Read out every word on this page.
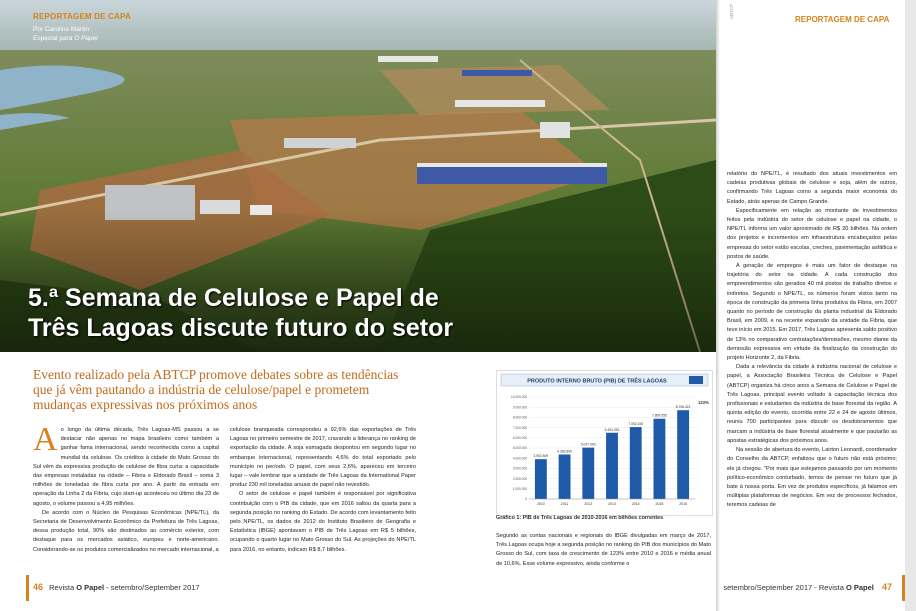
REPORTAGEM DE CAPA
Por Caroline Martin
Especial para O Papel
5.ª Semana de Celulose e Papel de
Três Lagoas discute futuro do setor
Evento realizado pela ABTCP promove debates sobre as tendências que já vêm pautando a indústria de celulose/papel e prometem mudanças expressivas nos próximos anos
A o longo da última década, Três Lagoas-MS passou a se destacar não apenas no mapa brasileiro como também a ganhar fama internacional, sendo reconhecida como a capital mundial da celulose. Os créditos à cidade do Mato Grosso do Sul vêm da expressiva produção de celulose de fibra curta: a capacidade das empresas instaladas na cidade – Fibria e Eldorado Brasil – soma 3 milhões de toneladas de fibra curta por ano. A partir da entrada em operação da Linha 2 da Fibria, cujo start-up aconteceu no último dia 23 de agosto, o volume passou a 4,95 milhões.
De acordo com o Núcleo de Pesquisas Econômicas (NPE/TL), da Secretaria de Desenvolvimento Econômico da Prefeitura de Três Lagoas, dessa produção total, 90% são destinados ao comércio exterior, com destaque para os mercados asiático, europeu e norte-americano. Considerando-se os produtos comercializados no mercado internacional, a
celulose branqueada correspondeu a 92,6% das exportações de Três Lagoas no primeiro semestre de 2017, cravando a liderança no ranking de exportação da cidade. A soja esmagada despontou em segundo lugar no embarque internacional, representando 4,6% do total exportado pelo município no período. O papel, com seus 2,6%, apareceu em terceiro lugar – vale lembrar que a unidade de Três Lagoas da International Paper produz 230 mil toneladas anuais de papel não revestido.
O setor de celulose e papel também é responsável por significativa contribuição com o PIB da cidade, que em 2016 saltou da quarta para a segunda posição no ranking do Estado. De acordo com levantamento feito pelo NPE/TL, os dados de 2012 do Instituto Brasileiro de Geografia e Estatística (IBGE) apontavam o PIB de Três Lagoas em R$ 5 bilhões, ocupando o quarto lugar no Mato Grosso do Sul. As projeções do NPE/TL para 2016, no entanto, indicam R$ 8,7 bilhões.
PRODUTO INTERNO BRUTO (PIB) DE TRÊS LAGOAS
0
1.000.000
2.000.000
3.000.000
4.000.000
5.000.000
6.000.000
7.000.000
8.000.000
9.000.000
10.000.000
3.902.809
2010
4.362.890
2011
5.037.000
2012
6.494.253
2013
7.052.165
2014
7.869.555
2015
8.706.421
2016
123%
Gráfico 1: PIB de Três Lagoas de 2010-2016 em bilhões correntes
Segundo as contas nacionais e regionais do IBGE divulgadas em março de 2017, Três Lagoas ocupa hoje a segunda posição no ranking do PIB dos municípios do Mato Grosso do Sul, com taxa de crescimento de 123% entre 2010 e 2016 e média anual de 10,6%. Esse volume expressivo, ainda conforme o
46 Revista O Papel - setembro/September 2017
ABTCP
REPORTAGEM DE CAPA
relatório do NPE/TL, é resultado dos atuais investimentos em cadeias produtivas globais de celulose e soja, além de outros, confirmando Três Lagoas como a segunda maior economia do Estado, atrás apenas de Campo Grande.
Especificamente em relação ao montante de investimentos feitos pela indústria do setor de celulose e papel na cidade, o NPE/TL informa um valor aproximado de R$ 20 bilhões. Na ordem dos projetos e incrementos em infraestrutura encabeçados pelas empresas do setor estão escolas, creches, pavimentação asfáltica e postos de saúde.
A geração de empregos é mais um fator de destaque na trajetória do setor na cidade. A cada construção dos empreendimentos são gerados 40 mil postos de trabalho diretos e indiretos. Segundo o NPE/TL, os números foram vistos tanto na época de construção da primeira linha produtiva da Fibria, em 2007 quanto no período de construção da planta industrial da Eldorado Brasil, em 2009, e na recente expansão da unidade da Fibria, que teve início em 2015. Em 2017, Três Lagoas apresenta saldo positivo de 13% no comparativo contratações/demissões, mesmo diante da demissão expressiva em virtude da finalização da construção do projeto Horizonte 2, da Fibria.
Dada a relevância da cidade à indústria nacional de celulose e papel, a Associação Brasileira Técnica de Celulose e Papel (ABTCP) organiza há cinco anos a Semana de Celulose e Papel de Três Lagoas, principal evento voltado à capacitação técnica dos profissionais e estudantes da indústria de base florestal da região. A quinta edição do evento, ocorrida entre 22 e 24 de agosto últimos, reuniu 700 participantes para discutir os desdobramentos que marcam a indústria de base florestal atualmente e que pautarão as apostas estratégicas dos próximos anos.
Na sessão de abertura do evento, Lairton Leonardi, coordenador do Conselho da ABTCP, enfatizou que o futuro não está próximo; ele já chegou. "Por mais que estejamos passando por um momento político-econômico conturbado, temos de pensar no futuro que já bate à nossa porta. Em vez de produtos específicos, já falamos em múltiplas plataformas de negócios. Em vez de processos fechados, teremos cadeias de
setembro/September 2017 - Revista O Papel 47
